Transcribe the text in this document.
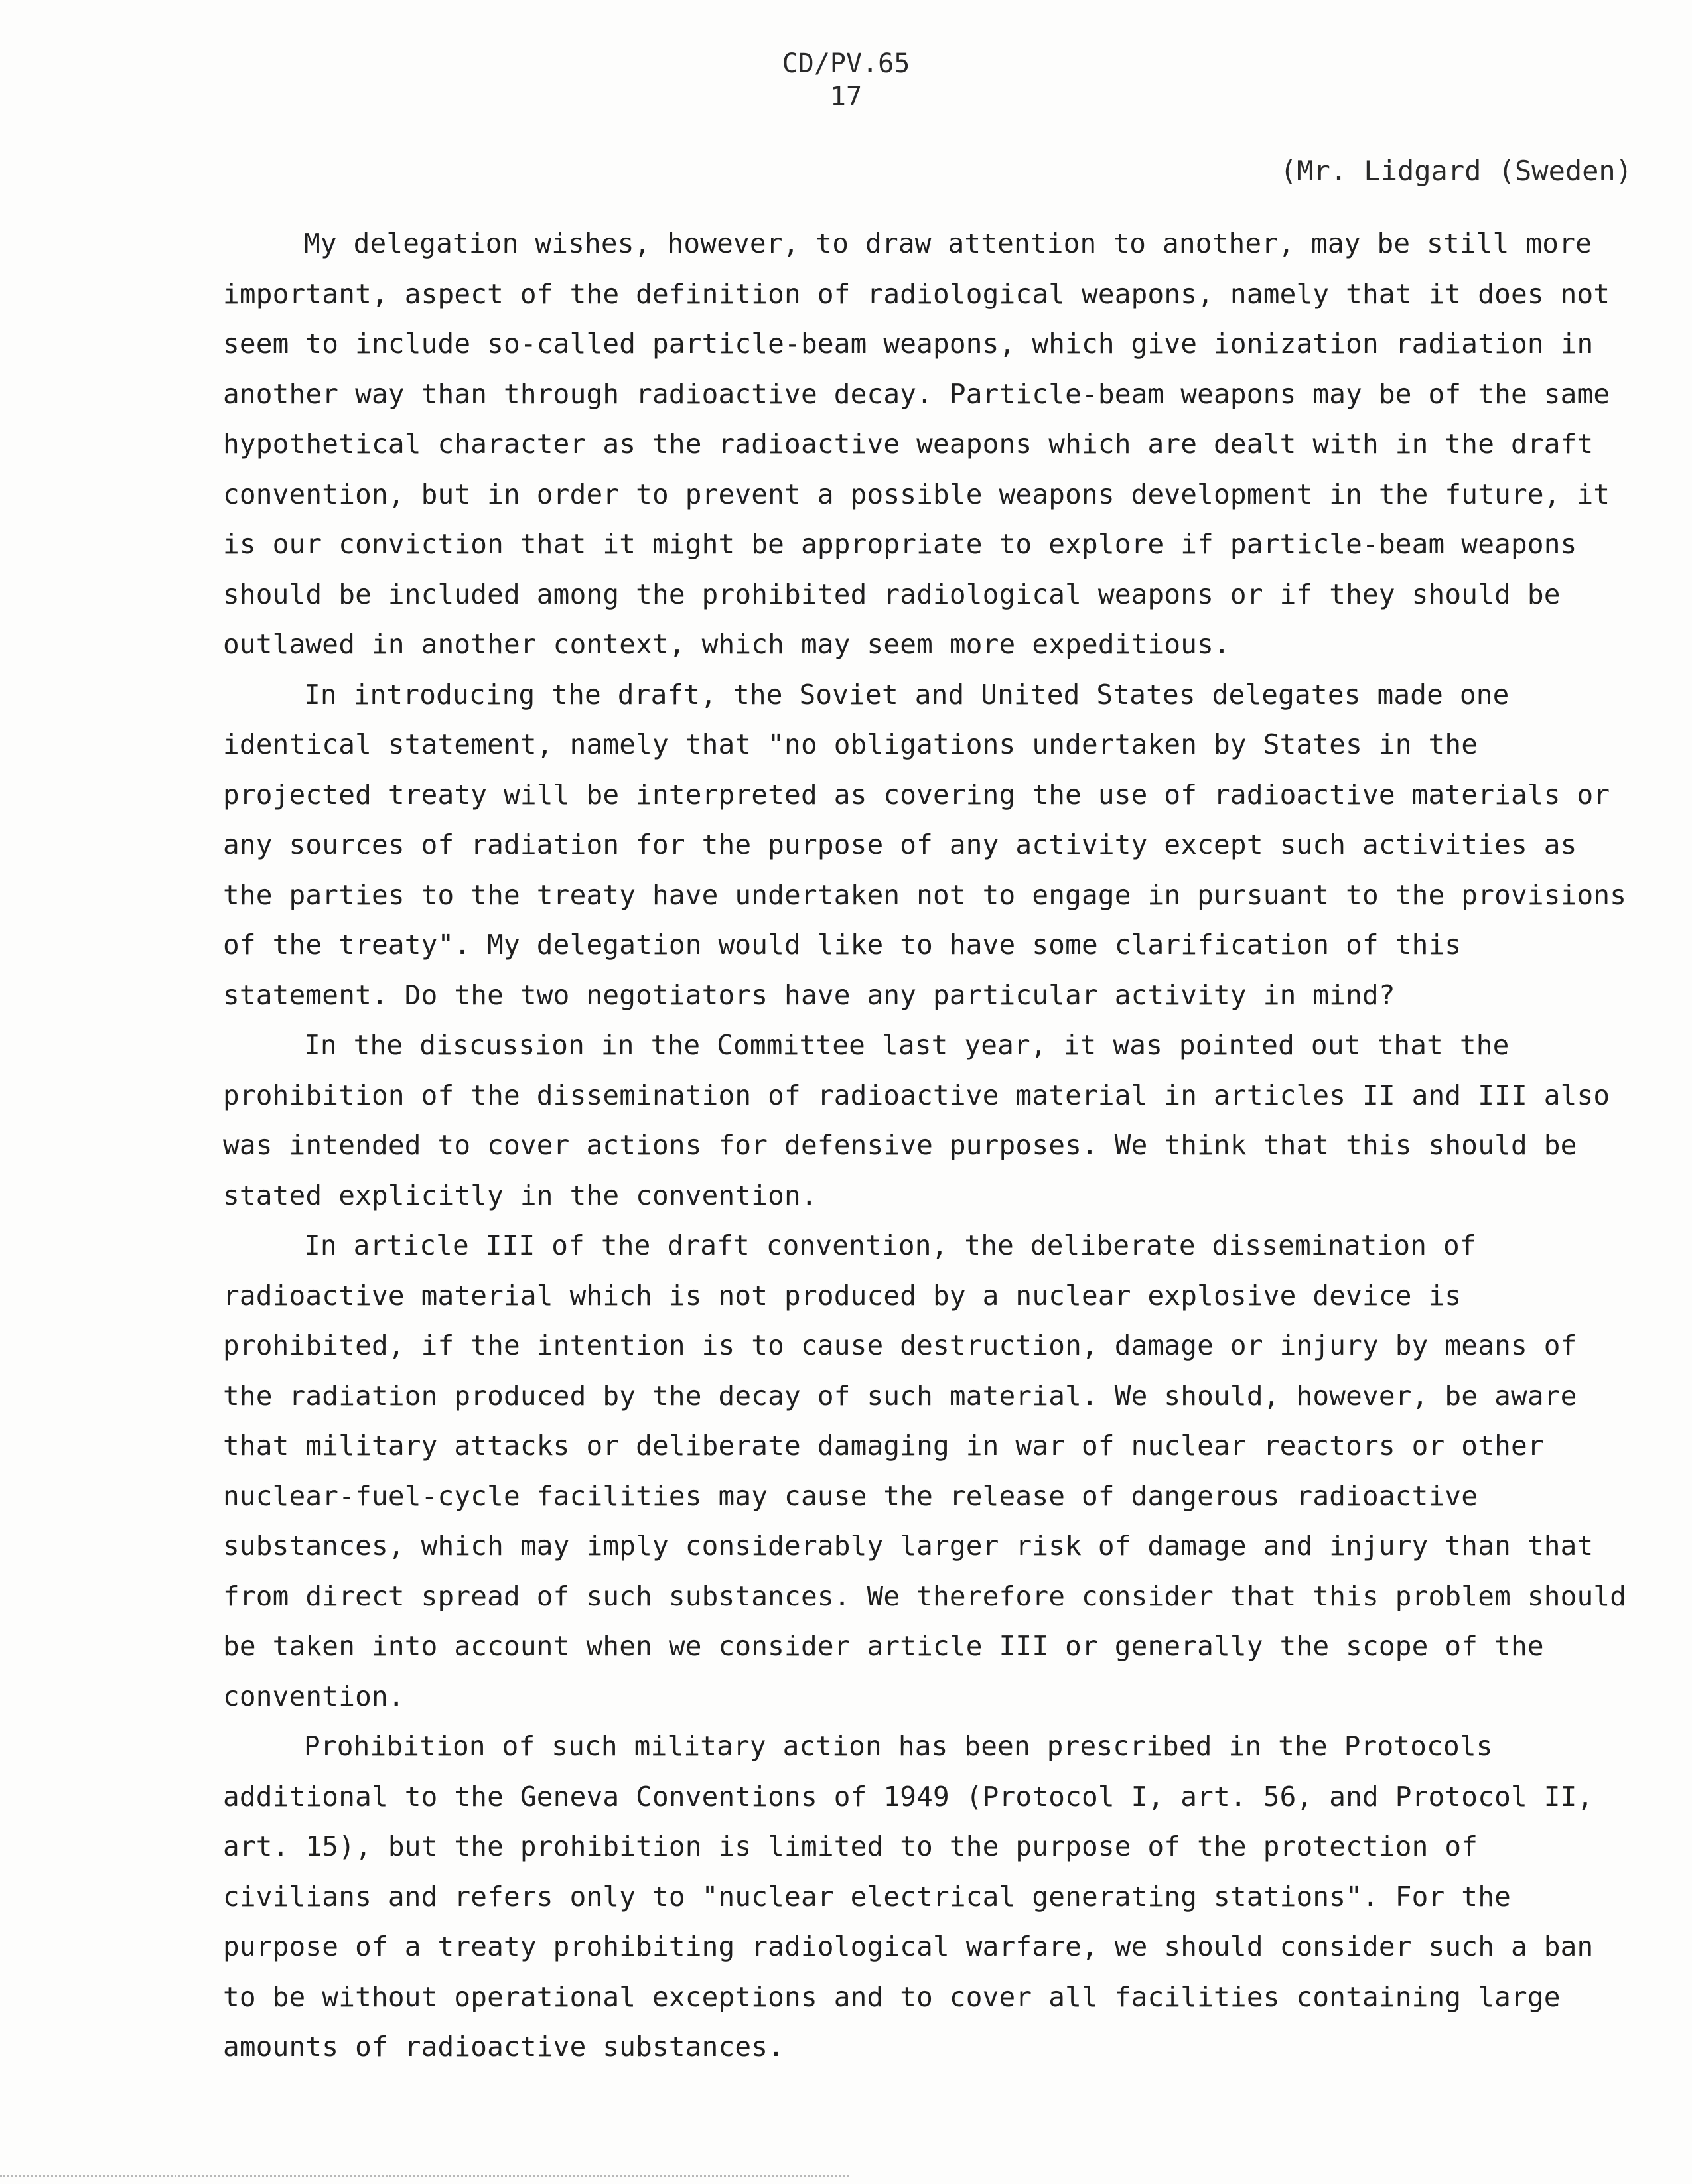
CD/PV.65
17
(Mr. Lidgard (Sweden)

My delegation wishes, however, to draw attention to another, may be still more important, aspect of the definition of radiological weapons, namely that it does not seem to include so-called particle-beam weapons, which give ionization radiation in another way than through radioactive decay. Particle-beam weapons may be of the same hypothetical character as the radioactive weapons which are dealt with in the draft convention, but in order to prevent a possible weapons development in the future, it is our conviction that it might be appropriate to explore if particle-beam weapons should be included among the prohibited radiological weapons or if they should be outlawed in another context, which may seem more expeditious.

In introducing the draft, the Soviet and United States delegates made one identical statement, namely that "no obligations undertaken by States in the projected treaty will be interpreted as covering the use of radioactive materials or any sources of radiation for the purpose of any activity except such activities as the parties to the treaty have undertaken not to engage in pursuant to the provisions of the treaty". My delegation would like to have some clarification of this statement. Do the two negotiators have any particular activity in mind?

In the discussion in the Committee last year, it was pointed out that the prohibition of the dissemination of radioactive material in articles II and III also was intended to cover actions for defensive purposes. We think that this should be stated explicitly in the convention.

In article III of the draft convention, the deliberate dissemination of radioactive material which is not produced by a nuclear explosive device is prohibited, if the intention is to cause destruction, damage or injury by means of the radiation produced by the decay of such material. We should, however, be aware that military attacks or deliberate damaging in war of nuclear reactors or other nuclear-fuel-cycle facilities may cause the release of dangerous radioactive substances, which may imply considerably larger risk of damage and injury than that from direct spread of such substances. We therefore consider that this problem should be taken into account when we consider article III or generally the scope of the convention.

Prohibition of such military action has been prescribed in the Protocols additional to the Geneva Conventions of 1949 (Protocol I, art. 56, and Protocol II, art. 15), but the prohibition is limited to the purpose of the protection of civilians and refers only to "nuclear electrical generating stations". For the purpose of a treaty prohibiting radiological warfare, we should consider such a ban to be without operational exceptions and to cover all facilities containing large amounts of radioactive substances.
